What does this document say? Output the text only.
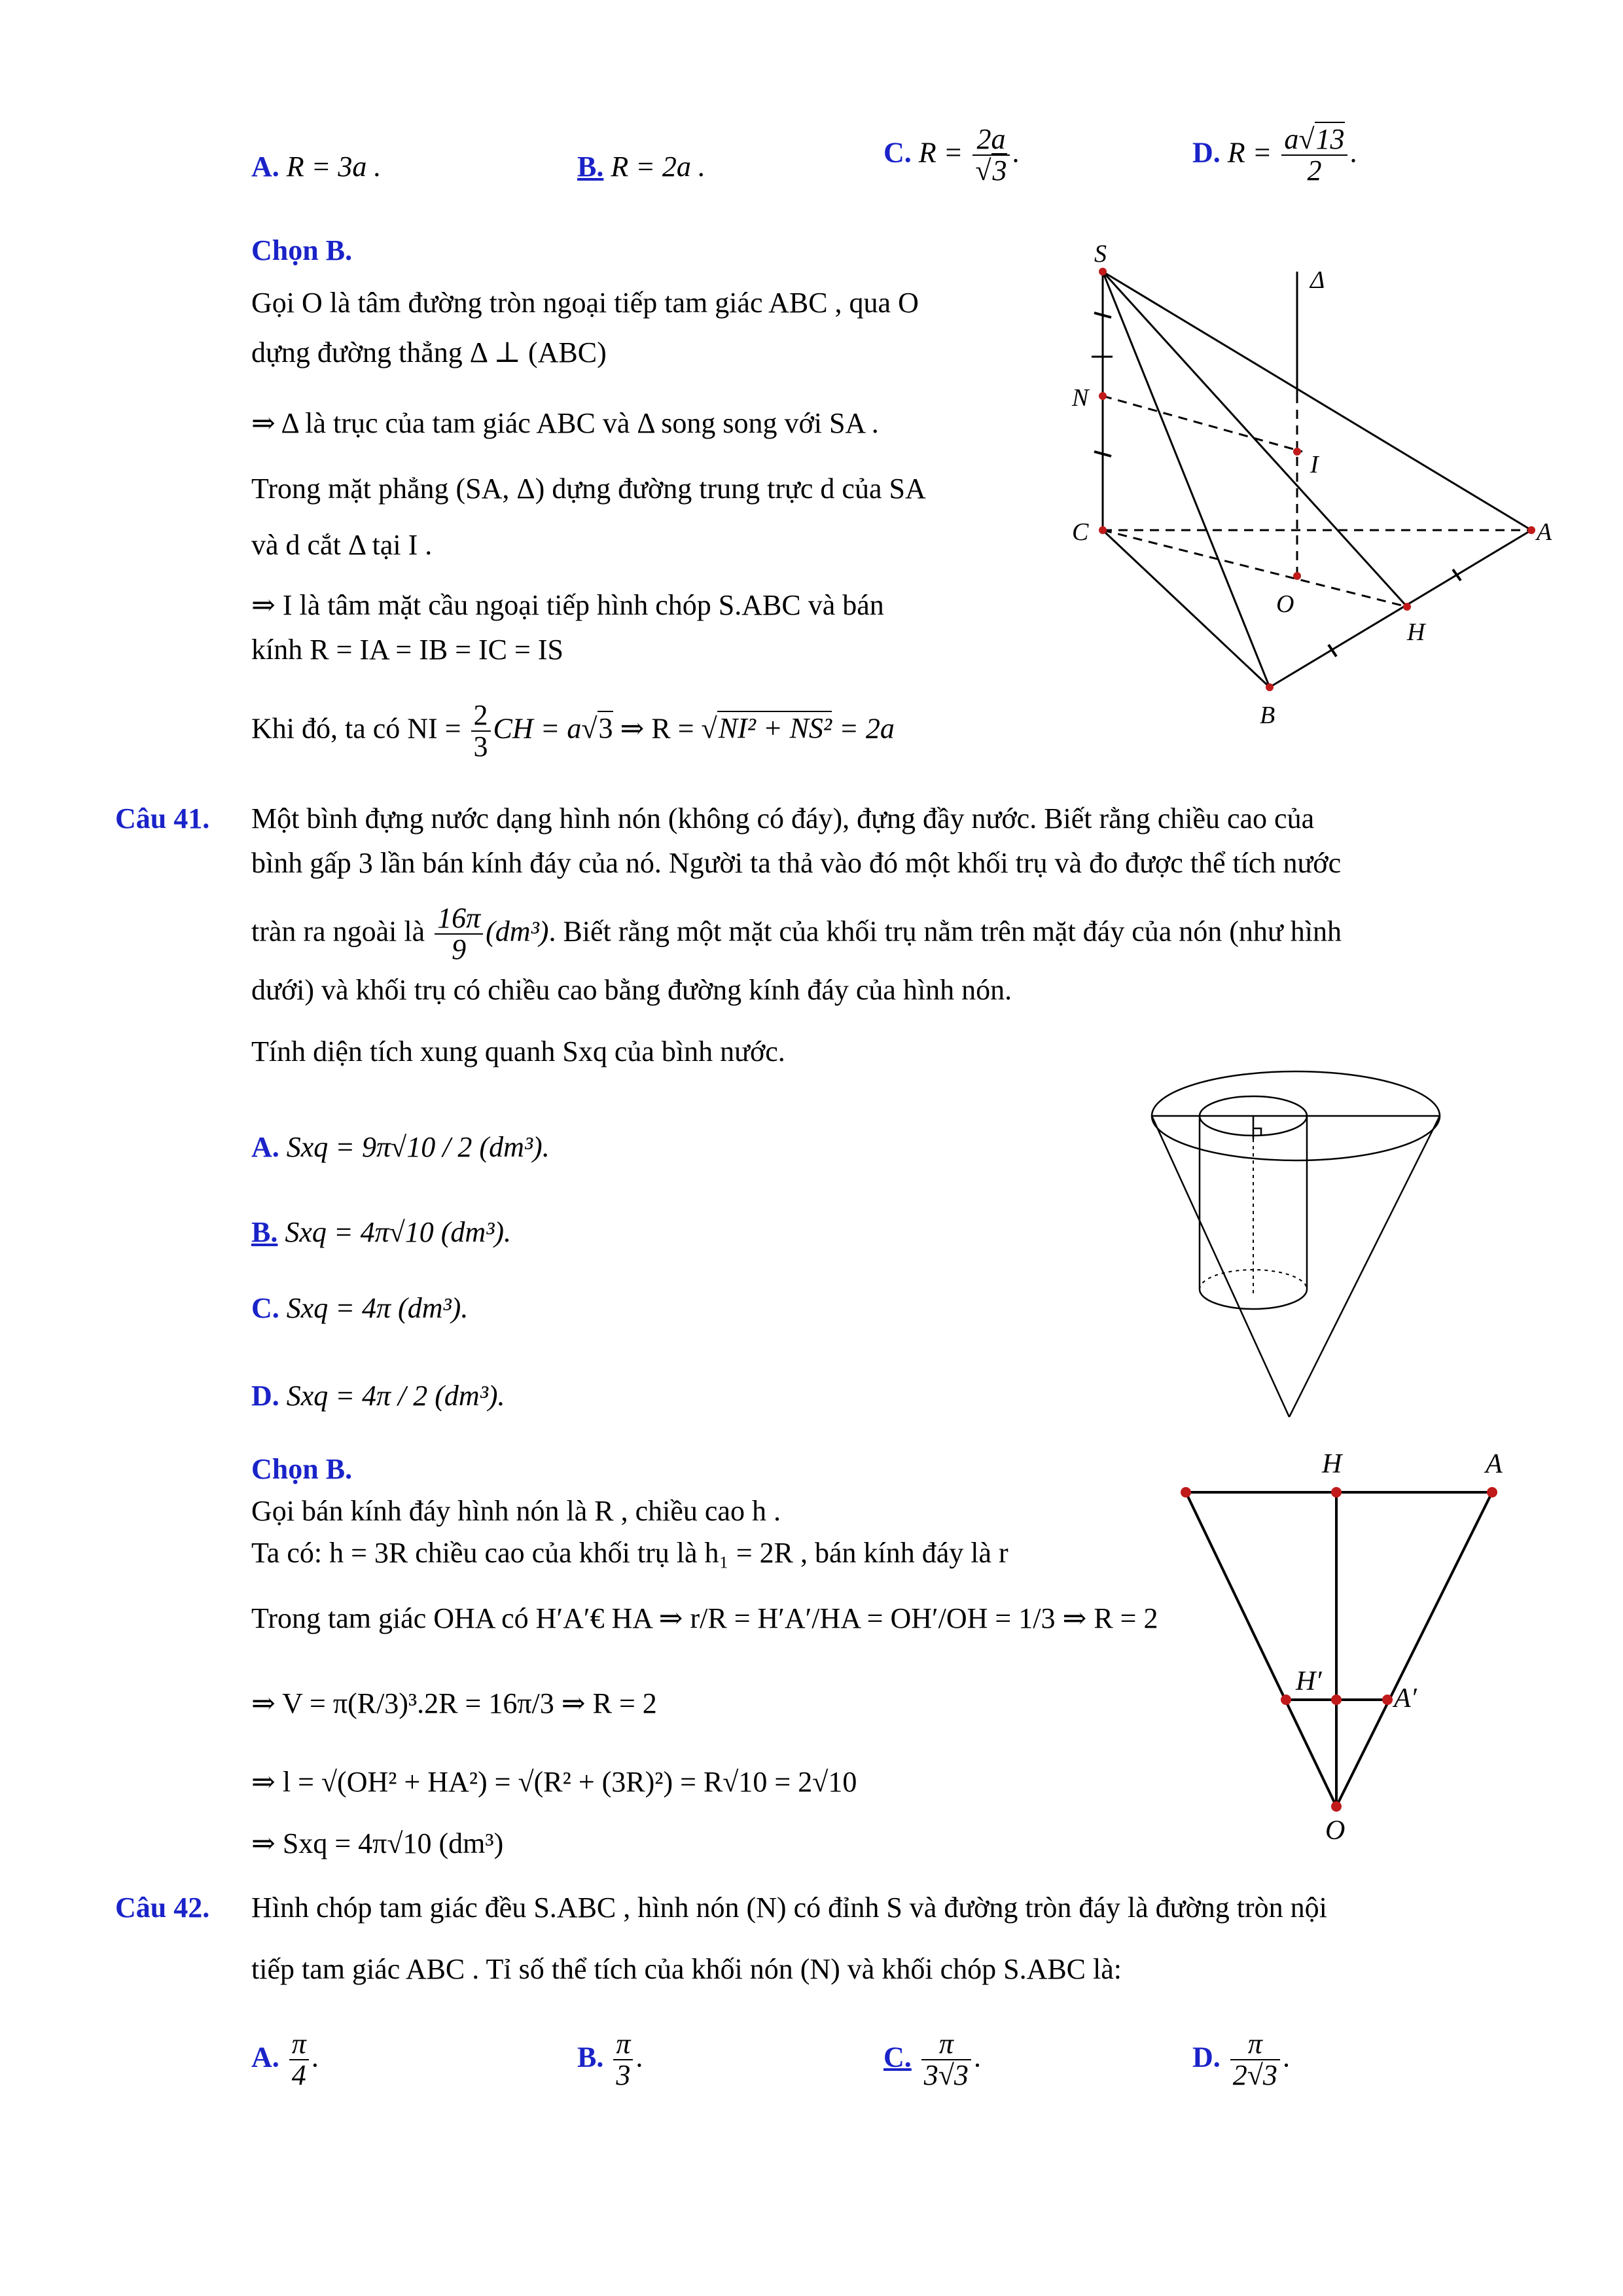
A. R = 3a .	B. R = 2a .	C. $R = \frac{2a}{√3}$ .	D. $R = \frac{a√13}{2}$ .
Chọn B.
Gọi O là tâm đường tròn ngoại tiếp tam giác ABC , qua O
dựng đường thẳng Δ ⊥ (ABC)
⇒ Δ là trục của tam giác ABC và Δ song song với SA .
Trong mặt phẳng (SA, Δ) dựng đường trung trực d của SA
và d cắt Δ tại I .
⇒ I là tâm mặt cầu ngoại tiếp hình chóp S.ABC và bán
kính R = IA = IB = IC = IS
Khi đó, ta có NI = $\frac{2}{3}$ CH = a√3 ⇒ R = √NI² + NS² = 2a
S
Δ
N
I
C	A
O
H
B
Câu 41. Một bình đựng nước dạng hình nón (không có đáy), đựng đầy nước. Biết rằng chiều cao của
bình gấp 3 lần bán kính đáy của nó. Người ta thả vào đó một khối trụ và đo được thể tích nước
tràn ra ngoài là $\frac{16\pi}{9} (dm^3)$. Biết rằng một mặt của khối trụ nằm trên mặt đáy của nón (như hình
dưới) và khối trụ có chiều cao bằng đường kính đáy của hình nón.
Tính diện tích xung quanh Sxq của bình nước.
A. Sxq = 9π√10 / 2 (dm³).
B. Sxq = 4π√10 (dm³).
C. Sxq = 4π (dm³).
D. Sxq = 4π / 2 (dm³).
Chọn B.
Gọi bán kính đáy hình nón là R , chiều cao h .
Ta có: h = 3R chiều cao của khối trụ là h₁ = 2R , bán kính đáy là r
Trong tam giác OHA có H′A′€ HA ⇒ r/R = H′A′/HA = OH′/OH = 1/3 ⇒ R = 2
⇒ V = π(R/3)³.2R = 16π/3 ⇒ R = 2
⇒ l = √(OH² + HA²) = √(R² + (3R)²) = R√10 = 2√10
⇒ Sxq = 4π√10 (dm³)
H	A
H′
A′
O
Câu 42. Hình chóp tam giác đều S.ABC , hình nón (N) có đỉnh S và đường tròn đáy là đường tròn nội
tiếp tam giác ABC . Tỉ số thể tích của khối nón (N) và khối chóp S.ABC là:
A. $\frac{\pi}{4}$ .	B. $\frac{\pi}{3}$ .	C. $\frac{\pi}{3√3}$ .	D. $\frac{\pi}{2√3}$ .
